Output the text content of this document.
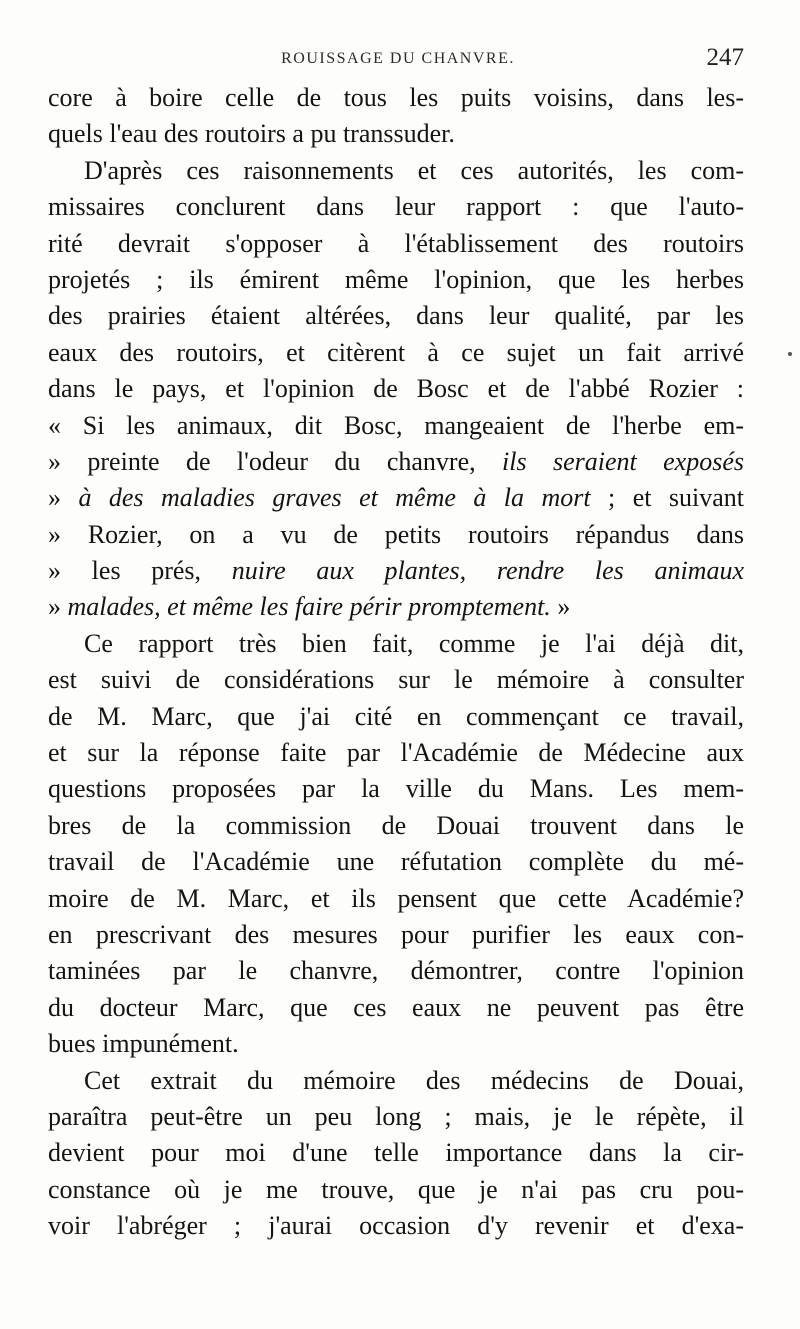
ROUISSAGE DU CHANVRE.	247
core à boire celle de tous les puits voisins, dans les-
quels l'eau des routoirs a pu transsuder.
D'après ces raisonnements et ces autorités, les com-
missaires conclurent dans leur rapport : que l'auto-
rité devrait s'opposer à l'établissement des routoirs
projetés ; ils émirent même l'opinion, que les herbes
des prairies étaient altérées, dans leur qualité, par les
eaux des routoirs, et citèrent à ce sujet un fait arrivé
dans le pays, et l'opinion de Bosc et de l'abbé Rozier :
« Si les animaux, dit Bosc, mangeaient de l'herbe em-
» preinte de l'odeur du chanvre, ils seraient exposés
» à des maladies graves et même à la mort ; et suivant
» Rozier, on a vu de petits routoirs répandus dans
» les prés, nuire aux plantes, rendre les animaux
» malades, et même les faire périr promptement. »
Ce rapport très bien fait, comme je l'ai déjà dit,
est suivi de considérations sur le mémoire à consulter
de M. Marc, que j'ai cité en commençant ce travail,
et sur la réponse faite par l'Académie de Médecine aux
questions proposées par la ville du Mans. Les mem-
bres de la commission de Douai trouvent dans le
travail de l'Académie une réfutation complète du mé-
moire de M. Marc, et ils pensent que cette Académie?
en prescrivant des mesures pour purifier les eaux con-
taminées par le chanvre, démontrer, contre l'opinion
du docteur Marc, que ces eaux ne peuvent pas être
bues impunément.
Cet extrait du mémoire des médecins de Douai,
paraîtra peut-être un peu long ; mais, je le répète, il
devient pour moi d'une telle importance dans la cir-
constance où je me trouve, que je n'ai pas cru pou-
voir l'abréger ; j'aurai occasion d'y revenir et d'exa-
